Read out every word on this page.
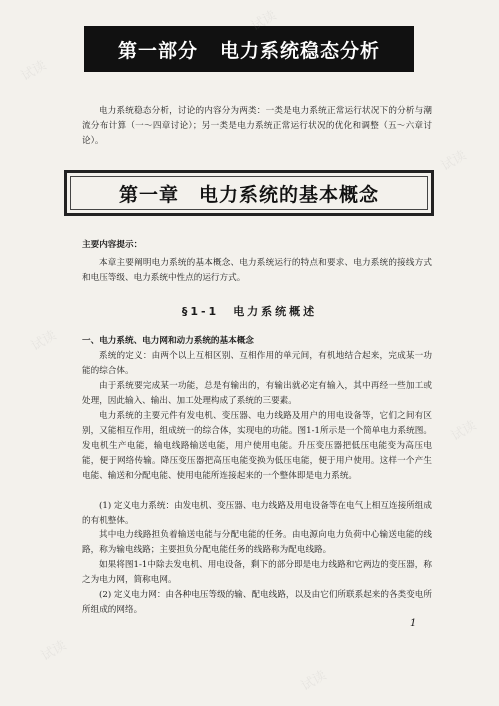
第一部分 电力系统稳态分析

电力系统稳态分析，讨论的内容分为两类：一类是电力系统正常运行状况下的分析与潮流分布计算（一～四章讨论）；另一类是电力系统正常运行状况的优化和调整（五～六章讨论）。

第一章 电力系统的基本概念
主要内容提示：

本章主要阐明电力系统的基本概念、电力系统运行的特点和要求、电力系统的接线方式和电压等级、电力系统中性点的运行方式。

§1-1 电力系统概述
一、电力系统、电力网和动力系统的基本概念

系统的定义：由两个以上互相区别、互相作用的单元间，有机地结合起来，完成某一功能的综合体。

由于系统要完成某一功能，总是有输出的，有输出就必定有输入，其中再经一些加工或处理，因此输入、输出、加工处理构成了系统的三要素。

电力系统的主要元件有发电机、变压器、电力线路及用户的用电设备等，它们之间有区别，又能相互作用，组成统一的综合体，实现电的功能。图1-1所示是一个简单电力系统图。发电机生产电能，输电线路输送电能，用户使用电能。升压变压器把低压电能变为高压电能，便于网络传输。降压变压器把高压电能变换为低压电能，便于用户使用。这样一个产生电能、输送和分配电能、使用电能所连接起来的一个整体即是电力系统。

(1) 定义电力系统：由发电机、变压器、电力线路及用电设备等在电气上相互连接所组成的有机整体。

其中电力线路担负着输送电能与分配电能的任务。由电源向电力负荷中心输送电能的线路，称为输电线路；主要担负分配电能任务的线路称为配电线路。

如果将图1-1中除去发电机、用电设备，剩下的部分即是电力线路和它两边的变压器，称之为电力网，简称电网。

(2) 定义电力网：由各种电压等级的输、配电线路，以及由它们所联系起来的各类变电所所组成的网络。

1
试读
试读
试读
试读
试读
试读
试读
